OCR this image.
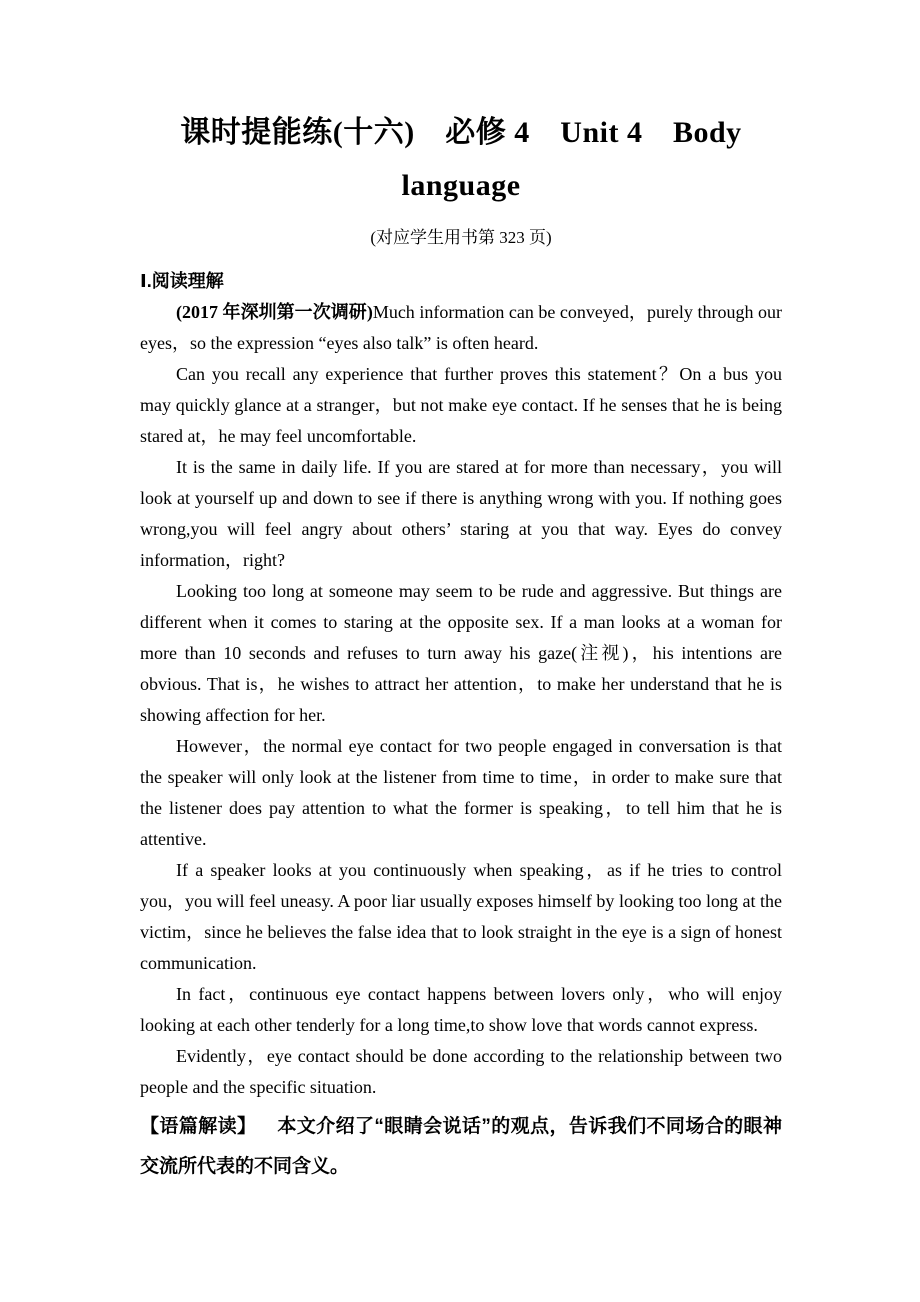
课时提能练(十六)　必修 4　Unit 4　Body language
(对应学生用书第 323 页)
Ⅰ.阅读理解

(2017 年深圳第一次调研)Much information can be conveyed，purely through our eyes，so the expression “eyes also talk” is often heard.

Can you recall any experience that further proves this statement？On a bus you may quickly glance at a stranger，but not make eye contact. If he senses that he is being stared at，he may feel uncomfortable.

It is the same in daily life. If you are stared at for more than necessary，you will look at yourself up and down to see if there is anything wrong with you. If nothing goes wrong,you will feel angry about others’ staring at you that way. Eyes do convey information，right?

Looking too long at someone may seem to be rude and aggressive. But things are different when it comes to staring at the opposite sex. If a man looks at a woman for more than 10 seconds and refuses to turn away his gaze(注视)，his intentions are obvious. That is，he wishes to attract her attention，to make her understand that he is showing affection for her.

However，the normal eye contact for two people engaged in conversation is that the speaker will only look at the listener from time to time，in order to make sure that the listener does pay attention to what the former is speaking，to tell him that he is attentive.

If a speaker looks at you continuously when speaking，as if he tries to control you，you will feel uneasy. A poor liar usually exposes himself by looking too long at the victim，since he believes the false idea that to look straight in the eye is a sign of honest communication.

In fact，continuous eye contact happens between lovers only，who will enjoy looking at each other tenderly for a long time,to show love that words cannot express.

Evidently，eye contact should be done according to the relationship between two people and the specific situation.

【语篇解读】 本文介绍了“眼睛会说话”的观点，告诉我们不同场合的眼神交流所代表的不同含义。
